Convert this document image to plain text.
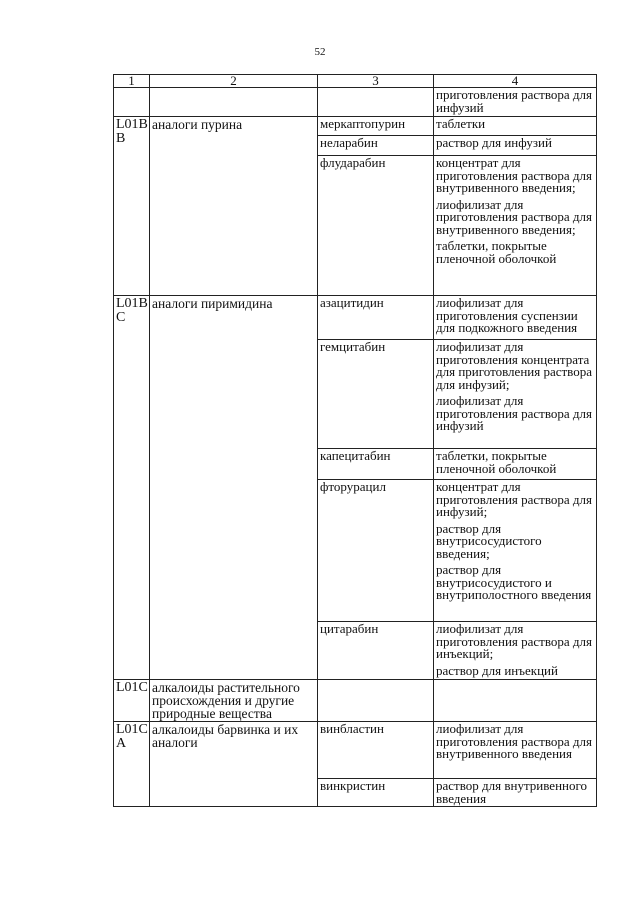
52
1	2	3	4

			приготовления раствора для инфузий

L01B B	аналоги пурина	меркаптопурин	таблетки

		неларабин	раствор для инфузий

		флударабин	концентрат для приготовления раствора для внутривенного введения;
лиофилизат для приготовления раствора для внутривенного введения;
таблетки, покрытые пленочной оболочкой

L01B C	аналоги пиримидина	азацитидин	лиофилизат для приготовления суспензии для подкожного введения

		гемцитабин	лиофилизат для приготовления концентрата для приготовления раствора для инфузий;
лиофилизат для приготовления раствора для инфузий

		капецитабин	таблетки, покрытые пленочной оболочкой

		фторурацил	концентрат для приготовления раствора для инфузий;
раствор для внутрисосудистого введения;
раствор для внутрисосудистого и внутриполостного введения

		цитарабин	лиофилизат для приготовления раствора для инъекций;
раствор для инъекций

L01C	алкалоиды растительного происхождения и другие природные вещества		
L01C A	алкалоиды барвинка и их аналоги	винбластин	лиофилизат для приготовления раствора для внутривенного введения

		винкристин	раствор для внутривенного введения
